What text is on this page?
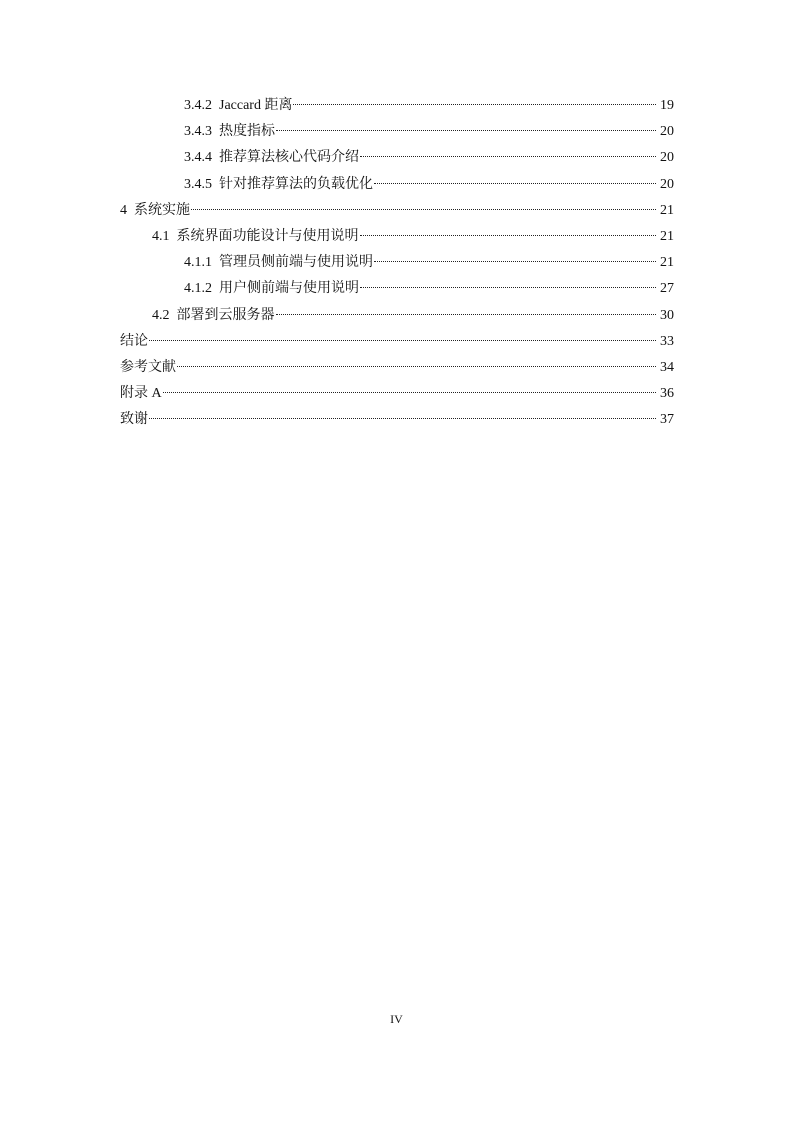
3.4.2 Jaccard 距离	19
3.4.3 热度指标	20
3.4.4 推荐算法核心代码介绍	20
3.4.5 针对推荐算法的负载优化	20
4 系统实施	21
4.1 系统界面功能设计与使用说明	21
4.1.1 管理员侧前端与使用说明	21
4.1.2 用户侧前端与使用说明	27
4.2 部署到云服务器	30
结论	33
参考文献	34
附录 A	36
致谢	37
IV
